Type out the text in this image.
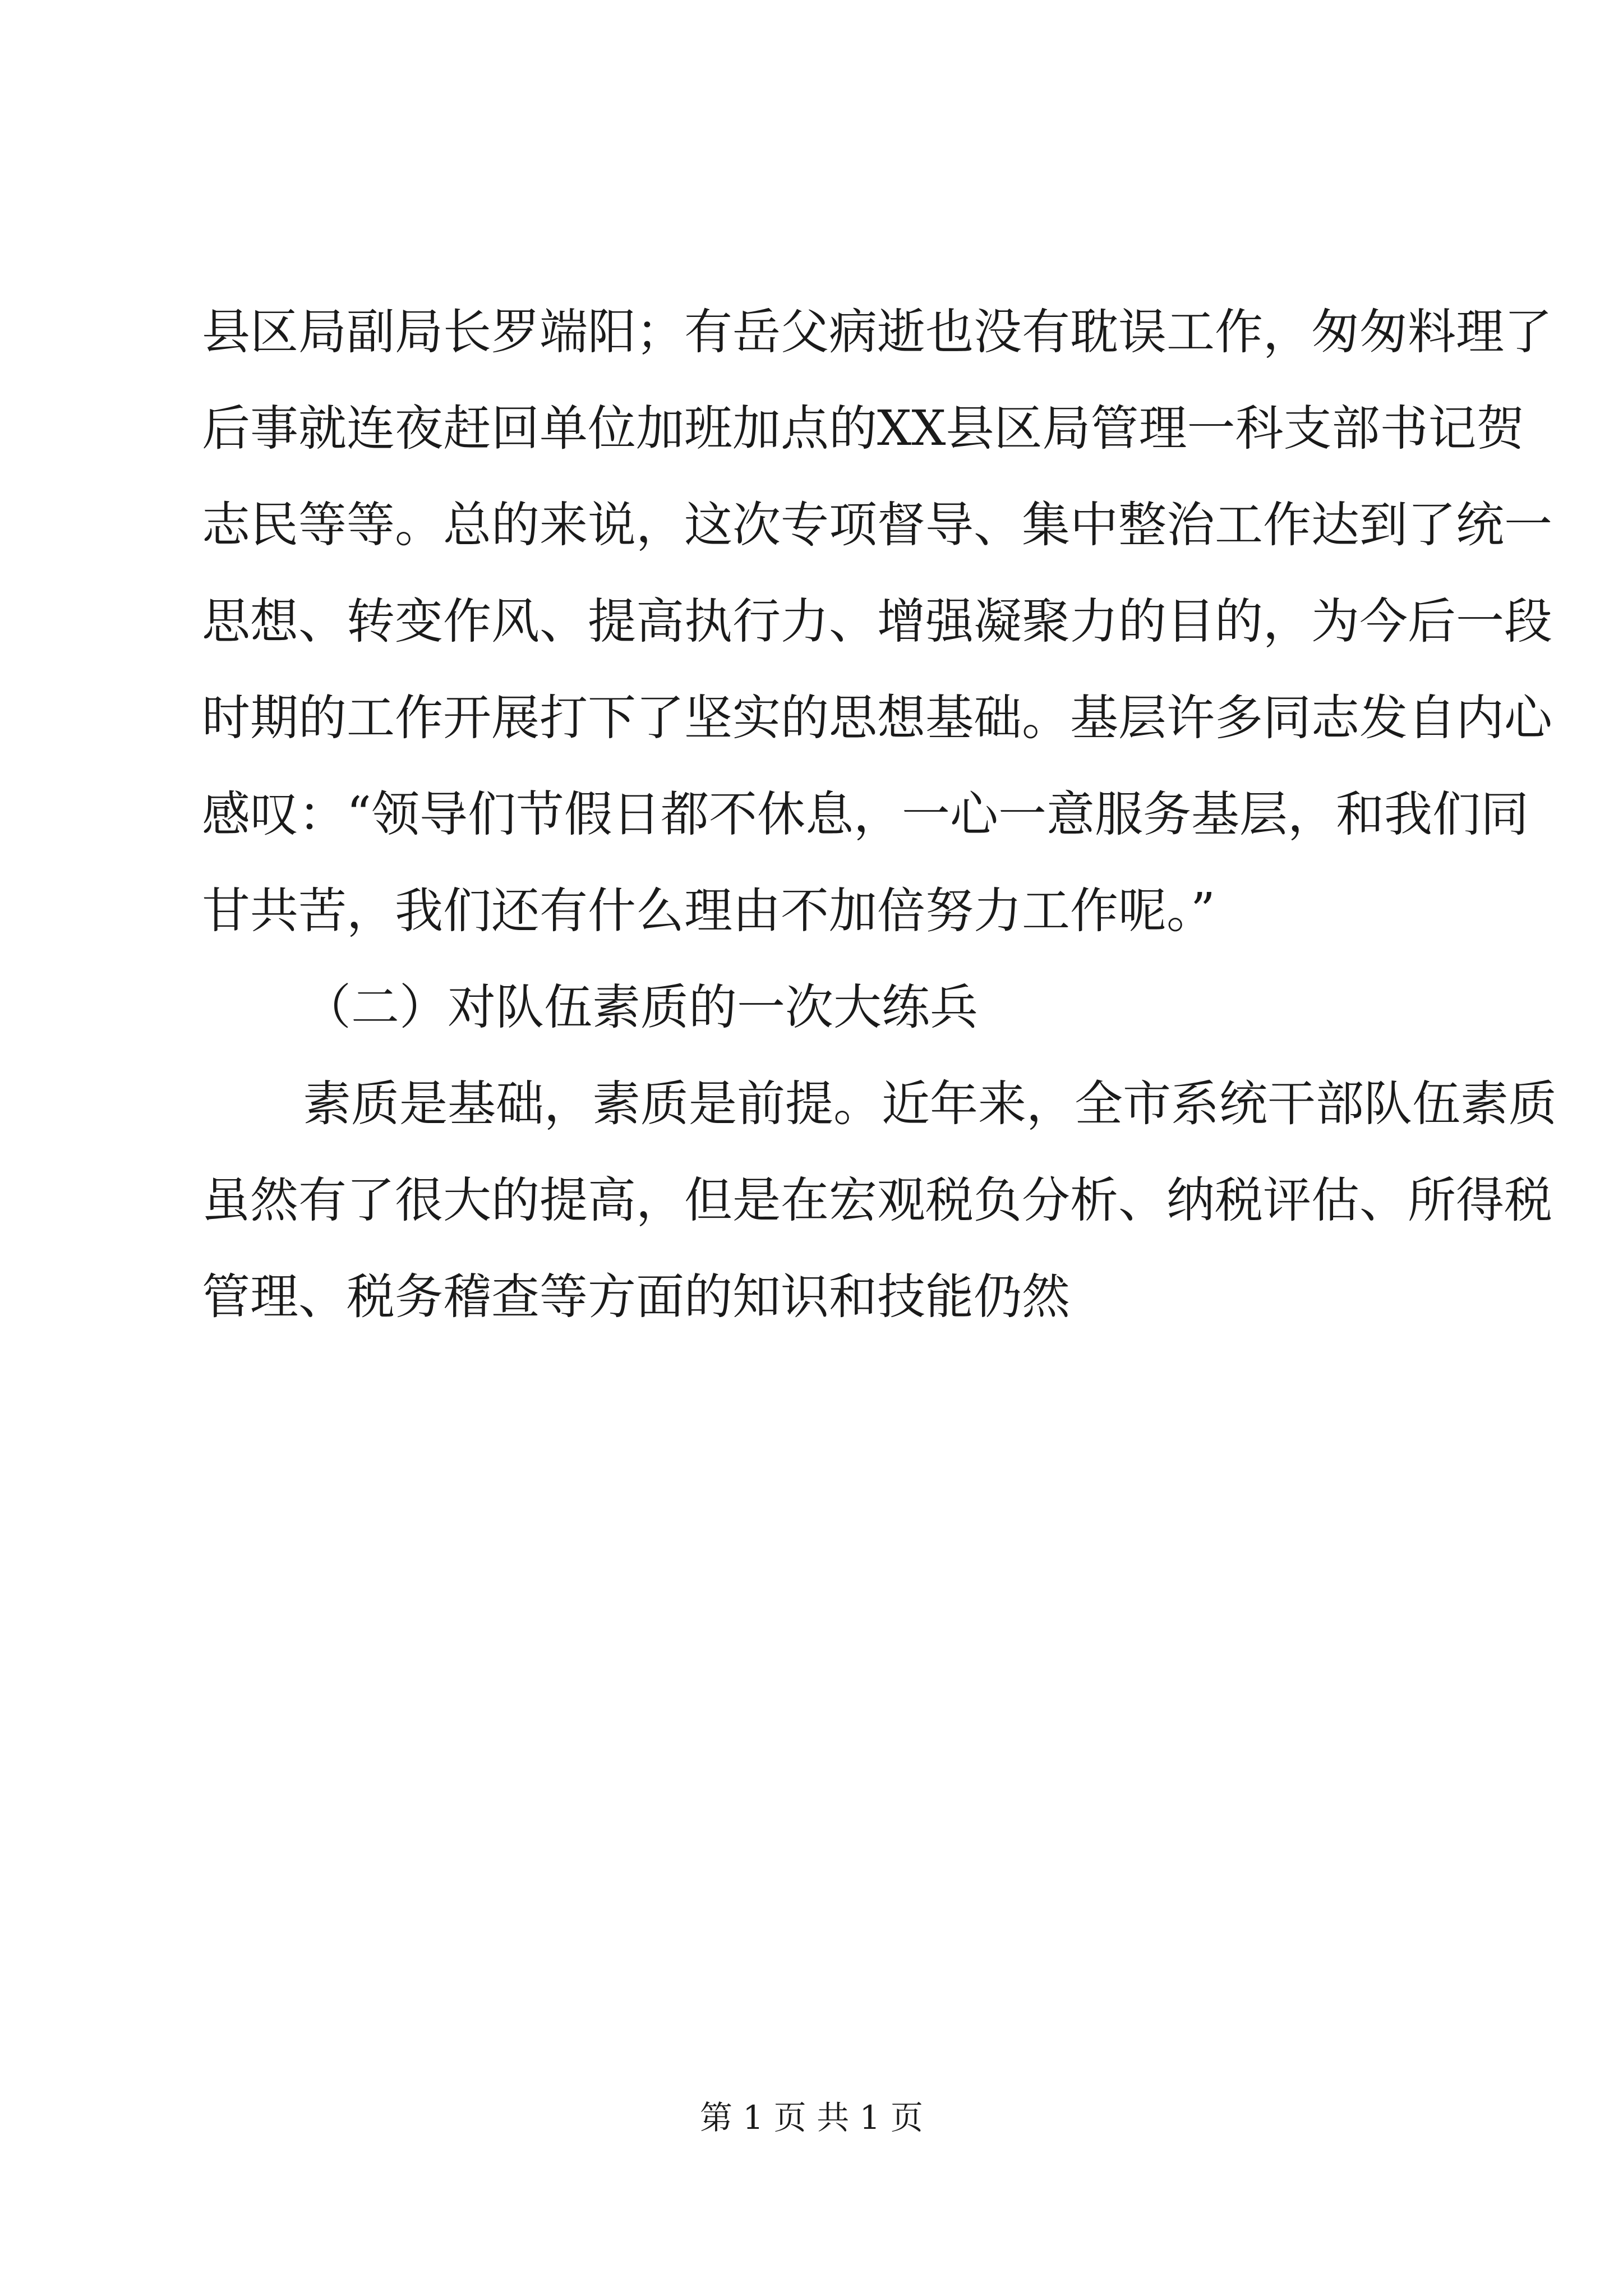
县区局副局长罗端阳；有岳父病逝也没有耽误工作，匆匆料理了
后事就连夜赶回单位加班加点的XX县区局管理一科支部书记贺
志民等等。总的来说，这次专项督导、集中整治工作达到了统一
思想、转变作风、提高执行力、增强凝聚力的目的，为今后一段
时期的工作开展打下了坚实的思想基础。基层许多同志发自内心
感叹：“领导们节假日都不休息，一心一意服务基层，和我们同
甘共苦，我们还有什么理由不加倍努力工作呢。”
（二）对队伍素质的一次大练兵
素质是基础，素质是前提。近年来，全市系统干部队伍素质
虽然有了很大的提高，但是在宏观税负分析、纳税评估、所得税
管理、税务稽查等方面的知识和技能仍然
第 1 页 共 1 页
